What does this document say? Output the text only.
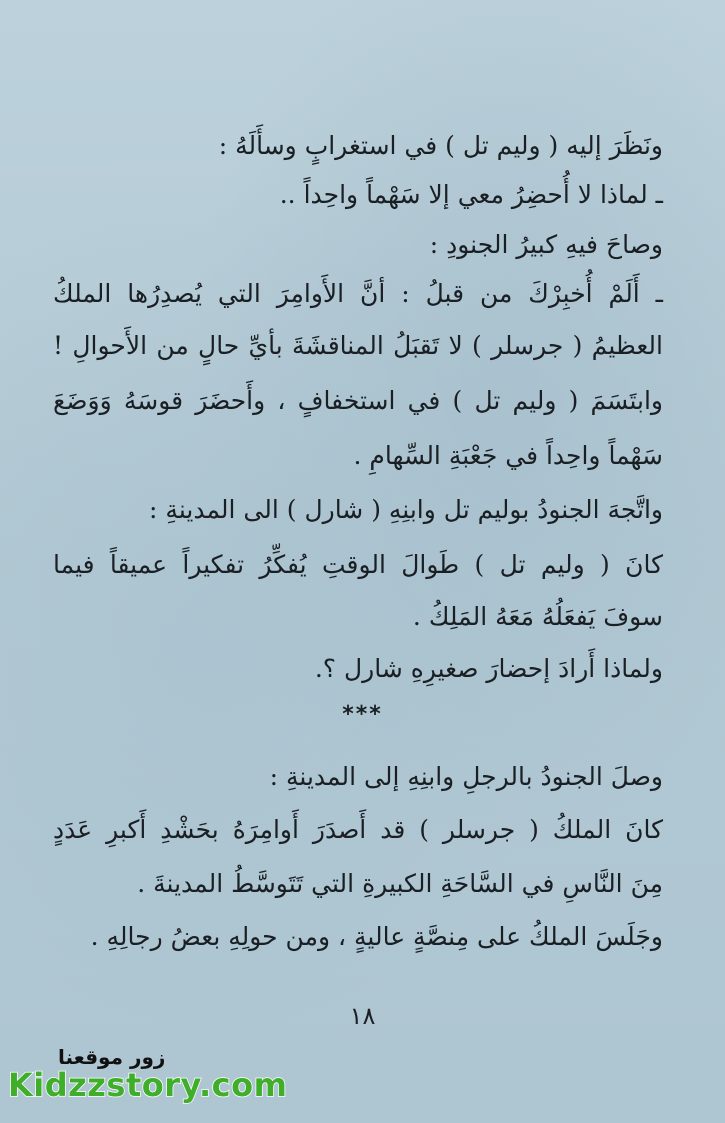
ونَظَرَ إليه ( وليم تل ) في استغرابٍ وسأَلَهُ :
ـ لماذا لا أُحضِرُ معي إلا سَهْماً واحِداً ..
وصاحَ فيهِ كبيرُ الجنودِ :
ـ أَلَمْ أُخبِرْكَ من قبلُ : أنَّ الأَوامِرَ التي يُصدِرُها الملكُ
العظيمُ ( جرسلر ) لا تَقبَلُ المناقشَةَ بأيِّ حالٍ من الأَحوالِ !
وابتَسَمَ ( وليم تل ) في استخفافٍ ، وأَحضَرَ قوسَهُ وَوَضَعَ
سَهْماً واحِداً في جَعْبَةِ السِّهامِ .
واتَّجهَ الجنودُ بوليم تل وابنِهِ ( شارل ) الى المدينةِ :
كانَ ( وليم تل ) طَوالَ الوقتِ يُفكِّرُ تفكيراً عميقاً فيما
سوفَ يَفعَلُهُ مَعَهُ المَلِكُ .
ولماذا أَرادَ إحضارَ صغيرِهِ شارل ؟.
***
وصلَ الجنودُ بالرجلِ وابنِهِ إلى المدينةِ :
كانَ الملكُ ( جرسلر ) قد أَصدَرَ أَوامِرَهُ بحَشْدِ أَكبرِ عَدَدٍ
مِنَ النَّاسِ في السَّاحَةِ الكبيرةِ التي تَتَوسَّطُ المدينةَ .
وجَلَسَ الملكُ على مِنصَّةٍ عاليةٍ ، ومن حولِهِ بعضُ رجالِهِ .
١٨
زور موقعنا
Kidzzstory.com
